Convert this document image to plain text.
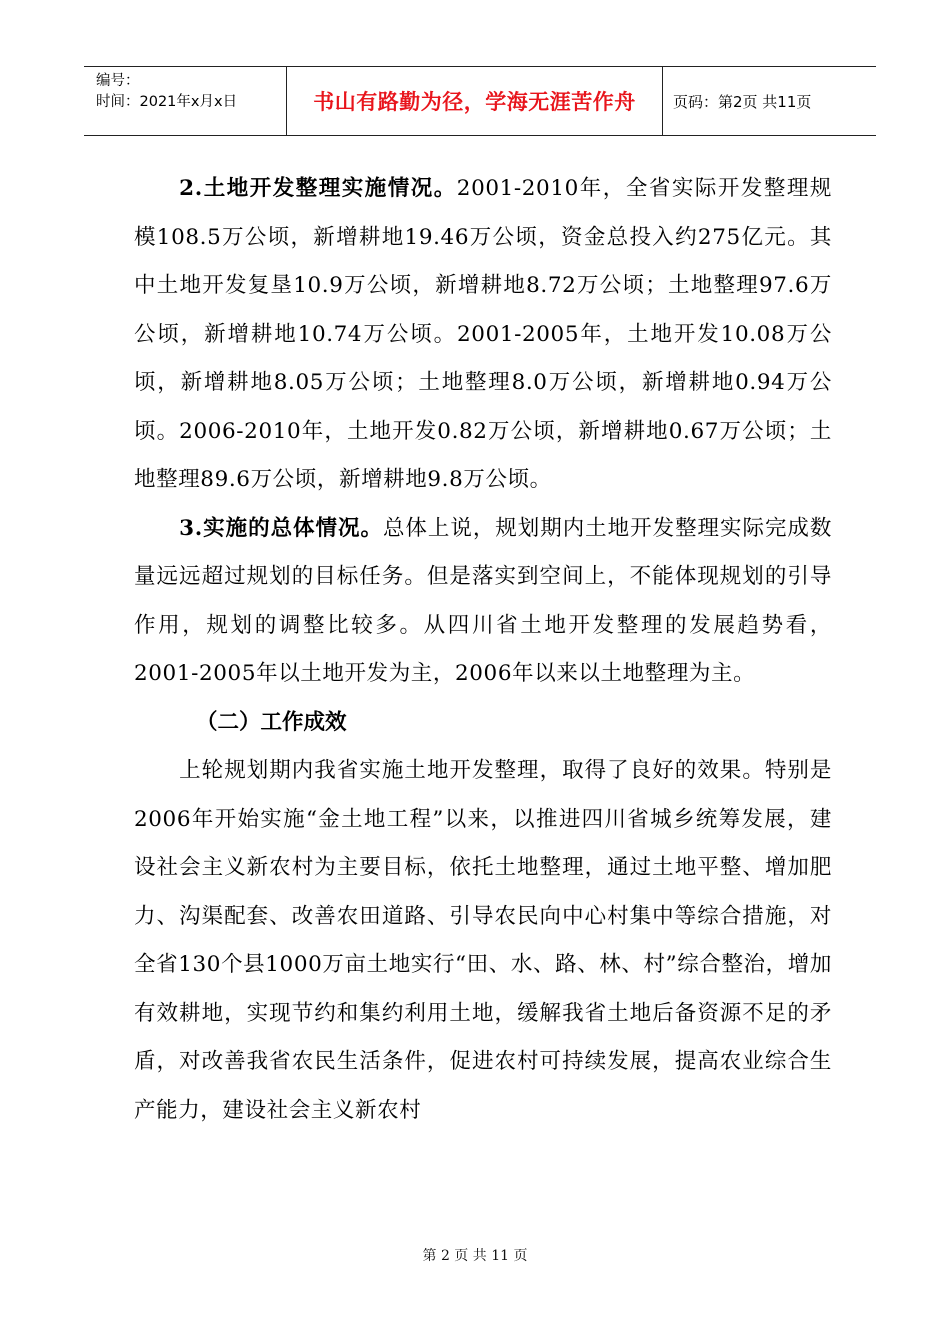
编号：
时间：2021年x月x日	书山有路勤为径，学海无涯苦作舟	页码：第2页 共11页

2.土地开发整理实施情况。2001-2010年，全省实际开发整理规模108.5万公顷，新增耕地19.46万公顷，资金总投入约275亿元。其中土地开发复垦10.9万公顷，新增耕地8.72万公顷；土地整理97.6万公顷，新增耕地10.74万公顷。2001-2005年，土地开发10.08万公顷，新增耕地8.05万公顷；土地整理8.0万公顷，新增耕地0.94万公顷。2006-2010年，土地开发0.82万公顷，新增耕地0.67万公顷；土地整理89.6万公顷，新增耕地9.8万公顷。

3.实施的总体情况。总体上说，规划期内土地开发整理实际完成数量远远超过规划的目标任务。但是落实到空间上，不能体现规划的引导作用，规划的调整比较多。从四川省土地开发整理的发展趋势看，2001-2005年以土地开发为主，2006年以来以土地整理为主。

（二）工作成效

上轮规划期内我省实施土地开发整理，取得了良好的效果。特别是 2006年开始实施“金土地工程”以来，以推进四川省城乡统筹发展，建设社会主义新农村为主要目标，依托土地整理，通过土地平整、增加肥力、沟渠配套、改善农田道路、引导农民向中心村集中等综合措施，对全省130个县1000万亩土地实行“田、水、路、林、村”综合整治，增加有效耕地，实现节约和集约利用土地，缓解我省土地后备资源不足的矛盾，对改善我省农民生活条件，促进农村可持续发展，提高农业综合生产能力，建设社会主义新农村

第 2 页 共 11 页
